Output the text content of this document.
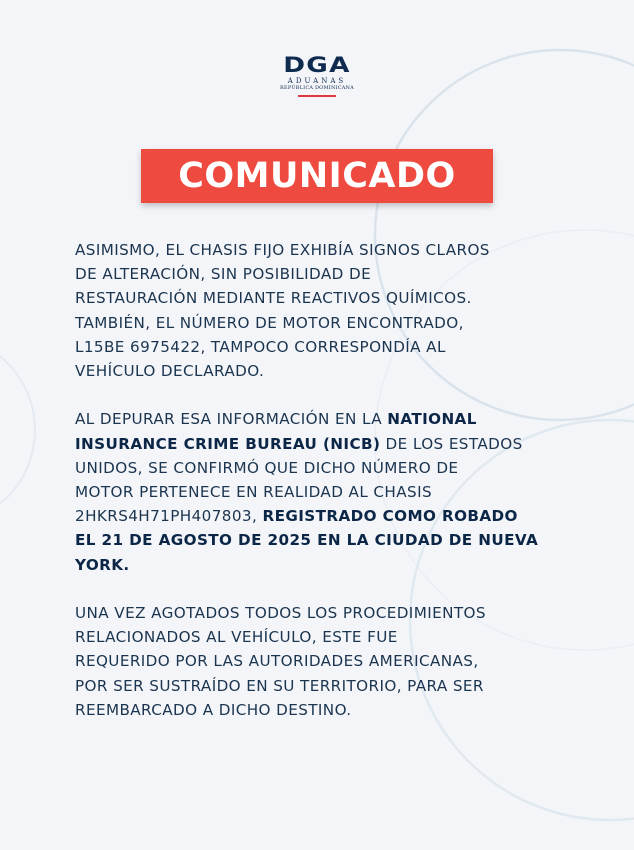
DGA
ADUANAS
REPÚBLICA DOMINICANA
COMUNICADO
ASIMISMO, EL CHASIS FIJO EXHIBÍA SIGNOS CLAROS
DE ALTERACIÓN, SIN POSIBILIDAD DE
RESTAURACIÓN MEDIANTE REACTIVOS QUÍMICOS.
TAMBIÉN, EL NÚMERO DE MOTOR ENCONTRADO,
L15BE 6975422, TAMPOCO CORRESPONDÍA AL
VEHÍCULO DECLARADO.
AL DEPURAR ESA INFORMACIÓN EN LA NATIONAL
INSURANCE CRIME BUREAU (NICB) DE LOS ESTADOS
UNIDOS, SE CONFIRMÓ QUE DICHO NÚMERO DE
MOTOR PERTENECE EN REALIDAD AL CHASIS
2HKRS4H71PH407803, REGISTRADO COMO ROBADO
EL 21 DE AGOSTO DE 2025 EN LA CIUDAD DE NUEVA
YORK.
UNA VEZ AGOTADOS TODOS LOS PROCEDIMIENTOS
RELACIONADOS AL VEHÍCULO, ESTE FUE
REQUERIDO POR LAS AUTORIDADES AMERICANAS,
POR SER SUSTRAÍDO EN SU TERRITORIO, PARA SER
REEMBARCADO A DICHO DESTINO.
